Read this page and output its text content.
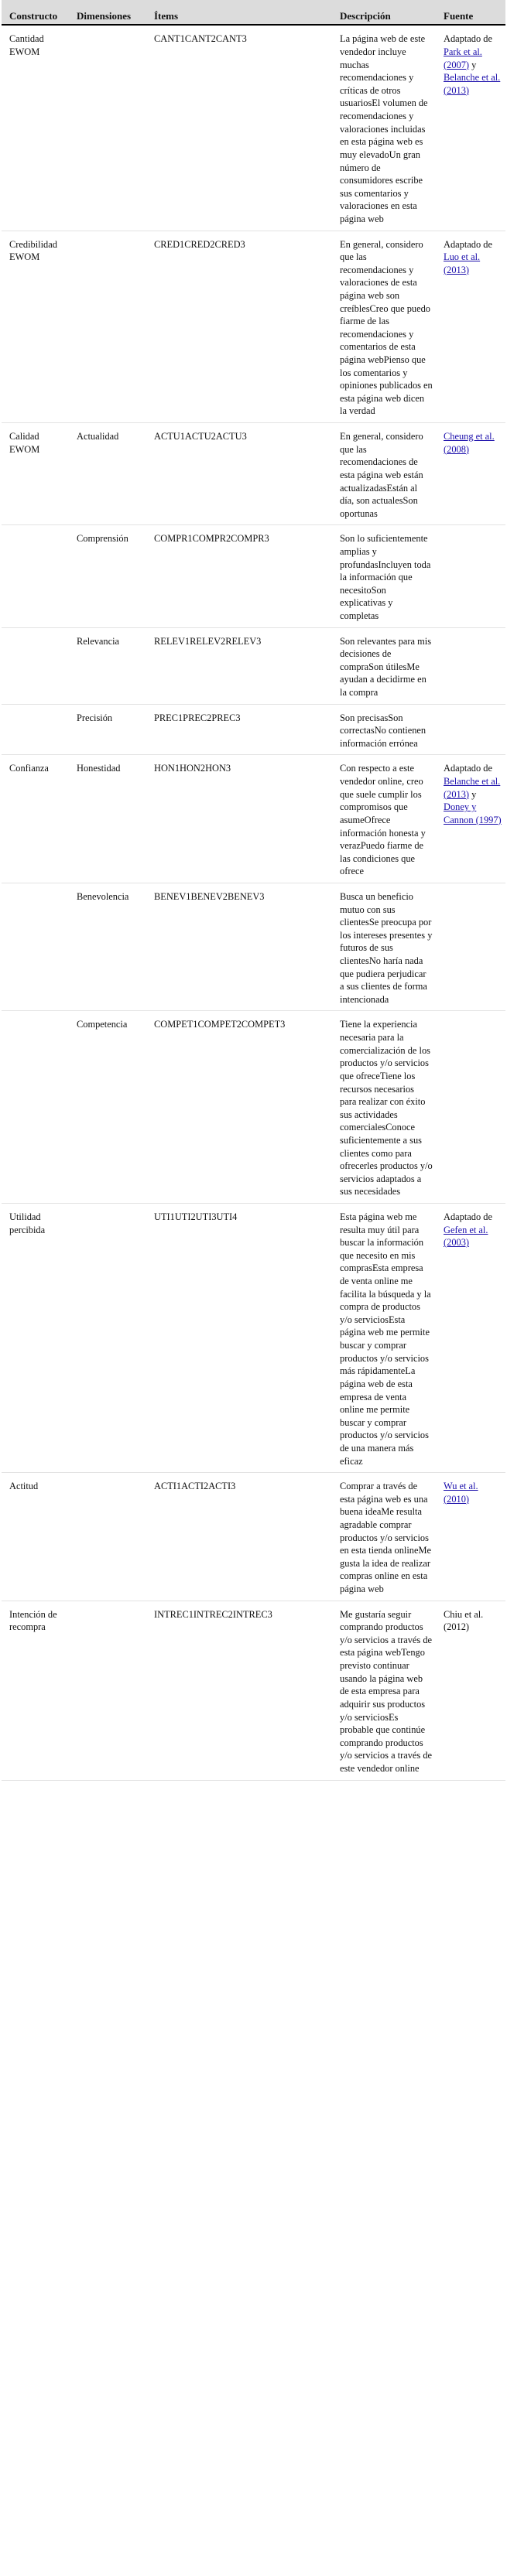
Constructo	Dimensiones	Ítems	Descripción	Fuente
Cantidad EWOM		CANT1CANT2CANT3	La página web de este vendedor incluye muchas recomendaciones y críticas de otros usuariosEl volumen de recomendaciones y valoraciones incluidas en esta página web es muy elevadoUn gran número de consumidores escribe sus comentarios y valoraciones en esta página web	Adaptado de Park et al. (2007) y Belanche et al. (2013)
Credibilidad EWOM		CRED1CRED2CRED3	En general, considero que las recomendaciones y valoraciones de esta página web son creíblesCreo que puedo fiarme de las recomendaciones y comentarios de esta página webPienso que los comentarios y opiniones publicados en esta página web dicen la verdad	Adaptado de Luo et al. (2013)
Calidad EWOM	Actualidad	ACTU1ACTU2ACTU3	En general, considero que las recomendaciones de esta página web están actualizadasEstán al día, son actualesSon oportunas	Cheung et al. (2008)
	Comprensión	COMPR1COMPR2COMPR3	Son lo suficientemente amplias y profundasIncluyen toda la información que necesitoSon explicativas y completas	
	Relevancia	RELEV1RELEV2RELEV3	Son relevantes para mis decisiones de compraSon útilesMe ayudan a decidirme en la compra	
	Precisión	PREC1PREC2PREC3	Son precisasSon correctasNo contienen información errónea	
Confianza	Honestidad	HON1HON2HON3	Con respecto a este vendedor online, creo que suele cumplir los compromisos que asumeOfrece información honesta y verazPuedo fiarme de las condiciones que ofrece	Adaptado de Belanche et al. (2013) y Doney y Cannon (1997)
	Benevolencia	BENEV1BENEV2BENEV3	Busca un beneficio mutuo con sus clientesSe preocupa por los intereses presentes y futuros de sus clientesNo haría nada que pudiera perjudicar a sus clientes de forma intencionada	
	Competencia	COMPET1COMPET2COMPET3	Tiene la experiencia necesaria para la comercialización de los productos y/o servicios que ofreceTiene los recursos necesarios para realizar con éxito sus actividades comercialesConoce suficientemente a sus clientes como para ofrecerles productos y/o servicios adaptados a sus necesidades	
Utilidad percibida		UTI1UTI2UTI3UTI4	Esta página web me resulta muy útil para buscar la información que necesito en mis comprasEsta empresa de venta online me facilita la búsqueda y la compra de productos y/o serviciosEsta página web me permite buscar y comprar productos y/o servicios más rápidamenteLa página web de esta empresa de venta online me permite buscar y comprar productos y/o servicios de una manera más eficaz	Adaptado de Gefen et al. (2003)
Actitud		ACTI1ACTI2ACTI3	Comprar a través de esta página web es una buena ideaMe resulta agradable comprar productos y/o servicios en esta tienda onlineMe gusta la idea de realizar compras online en esta página web	Wu et al. (2010)
Intención de recompra		INTREC1INTREC2INTREC3	Me gustaría seguir comprando productos y/o servicios a través de esta página webTengo previsto continuar usando la página web de esta empresa para adquirir sus productos y/o serviciosEs probable que continúe comprando productos y/o servicios a través de este vendedor online	Chiu et al. (2012)
